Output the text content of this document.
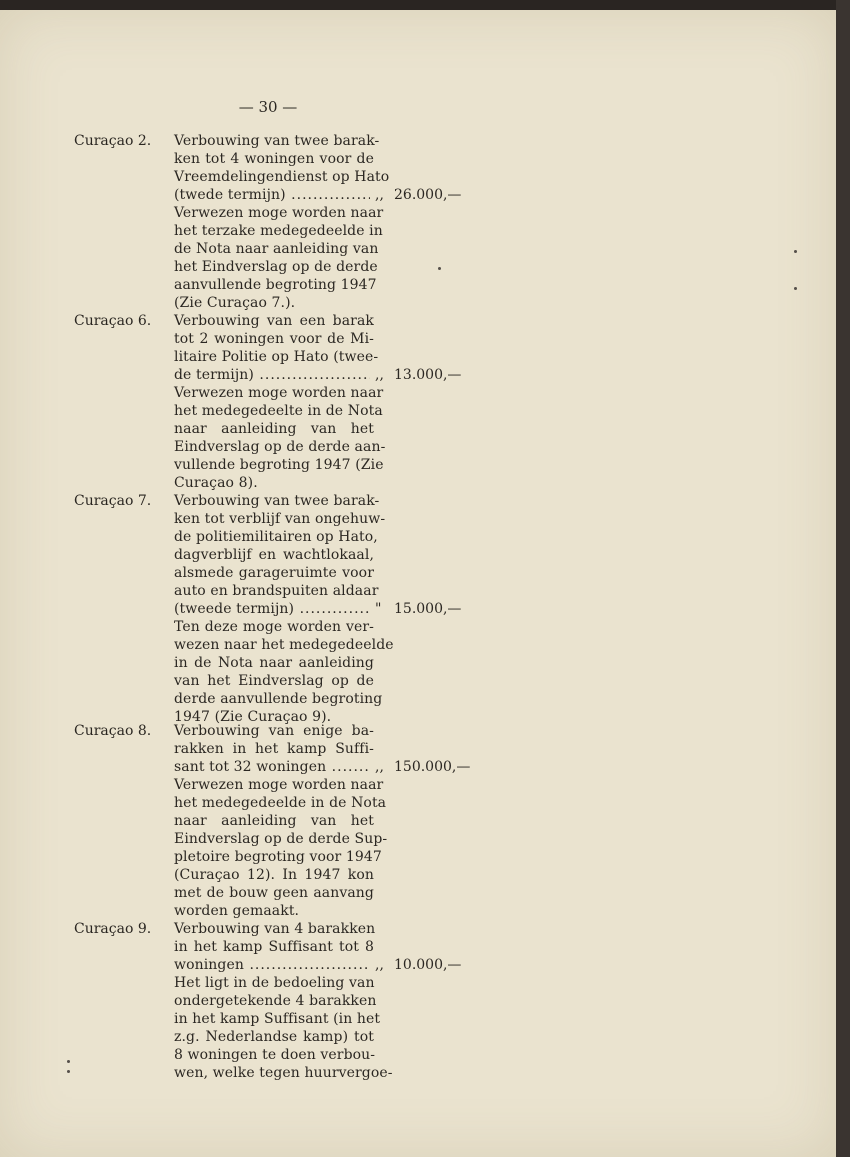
— 30 —
Curaçao 2. Verbouwing van twee barak-
ken tot 4 woningen voor de
Vreemdelingendienst op Hato
(twede termijn) .....
Verwezen moge worden naar
het terzake medegedeelde in
de Nota naar aanleiding van
het Eindverslag op de derde
aanvullende begroting 1947
(Zie Curaçao 7.).
,, 26.000,—
Curaçao 6. Verbouwing van een barak
tot 2 woningen voor de Mi-
litaire Politie op Hato (twee-
de termijn) .....
Verwezen moge worden naar
het medegedeelte in de Nota
naar aanleiding van het
Eindverslag op de derde aan-
vullende begroting 1947 (Zie
Curaçao 8).
,, 13.000,—
Curaçao 7. Verbouwing van twee barak-
ken tot verblijf van ongehuw-
de politiemilitairen op Hato,
dagverblijf en wachtlokaal,
alsmede garageruimte voor
auto en brandspuiten aldaar
(tweede termijn) .....
Ten deze moge worden ver-
wezen naar het medegedeelde
in de Nota naar aanleiding
van het Eindverslag op de
derde aanvullende begroting
1947 (Zie Curaçao 9).
" 15.000,—
Curaçao 8. Verbouwing van enige ba-
rakken in het kamp Suffi-
sant tot 32 woningen .....
Verwezen moge worden naar
het medegedeelde in de Nota
naar aanleiding van het
Eindverslag op de derde Sup-
pletoire begroting voor 1947
(Curaçao 12). In 1947 kon
met de bouw geen aanvang
worden gemaakt.
,, 150.000,—
Curaçao 9. Verbouwing van 4 barakken
in het kamp Suffisant tot 8
woningen .....
Het ligt in de bedoeling van
ondergetekende 4 barakken
in het kamp Suffisant (in het
z.g. Nederlandse kamp) tot
8 woningen te doen verbou-
wen, welke tegen huurvergoe-
,, 10.000,—
